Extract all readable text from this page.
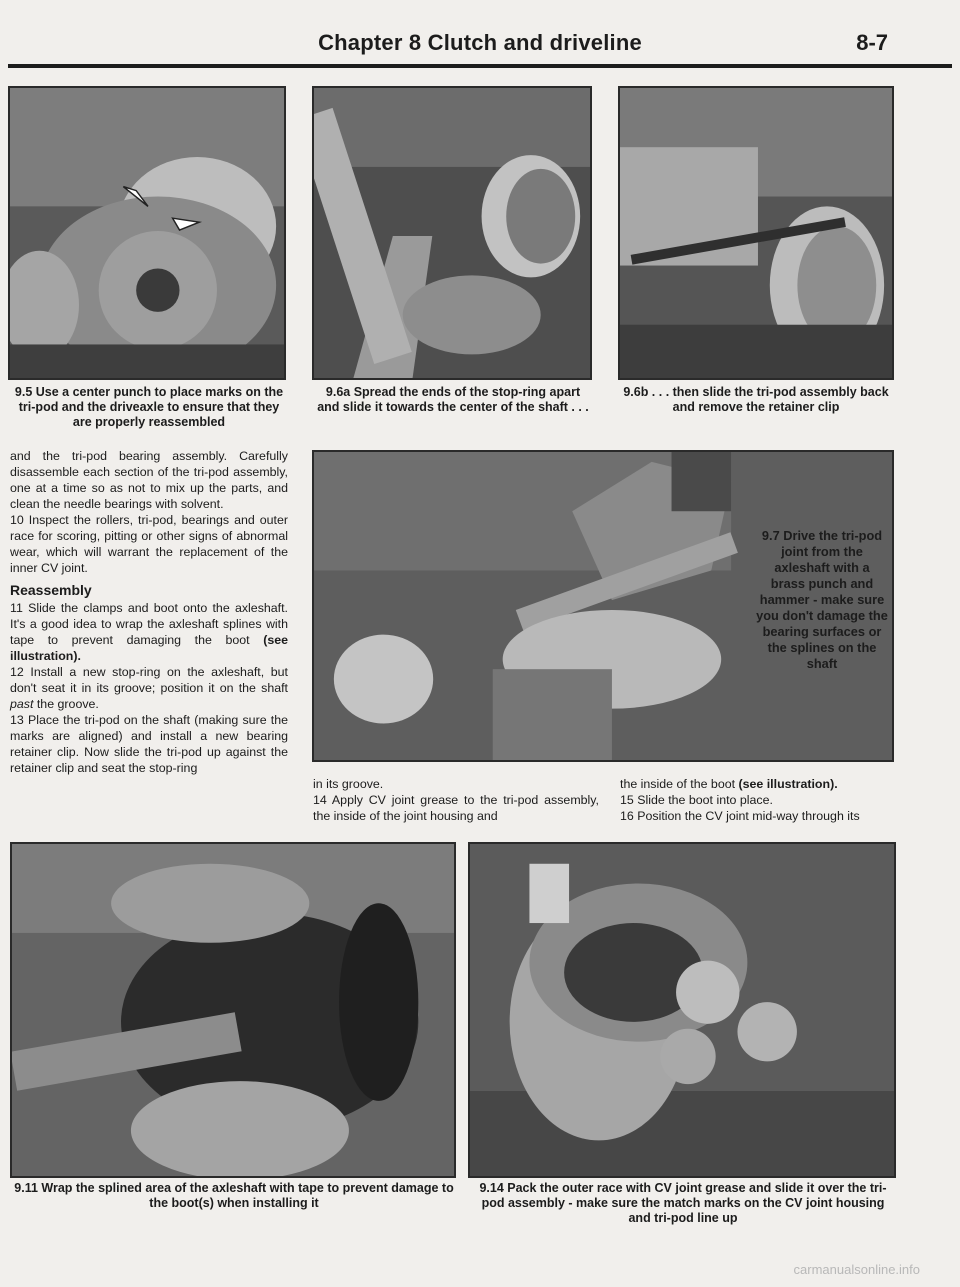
Chapter 8 Clutch and driveline	8-7
9.5 Use a center punch to place marks on the tri-pod and the driveaxle to ensure that they are properly reassembled
9.6a Spread the ends of the stop-ring apart and slide it towards the center of the shaft . . .
9.6b . . . then slide the tri-pod assembly back and remove the retainer clip

and the tri-pod bearing assembly. Carefully disassemble each section of the tri-pod assembly, one at a time so as not to mix up the parts, and clean the needle bearings with solvent.

10 Inspect the rollers, tri-pod, bearings and outer race for scoring, pitting or other signs of abnormal wear, which will warrant the replacement of the inner CV joint.

Reassembly

11 Slide the clamps and boot onto the axleshaft. It's a good idea to wrap the axleshaft splines with tape to prevent damaging the boot (see illustration).

12 Install a new stop-ring on the axleshaft, but don't seat it in its groove; position it on the shaft past the groove.

13 Place the tri-pod on the shaft (making sure the marks are aligned) and install a new bearing retainer clip. Now slide the tri-pod up against the retainer clip and seat the stop-ring

9.7 Drive the tri-pod joint from the axleshaft with a brass punch and hammer - make sure you don't damage the bearing surfaces or the splines on the shaft

in its groove.

14 Apply CV joint grease to the tri-pod assembly, the inside of the joint housing and

the inside of the boot (see illustration).

15 Slide the boot into place.

16 Position the CV joint mid-way through its

9.11 Wrap the splined area of the axleshaft with tape to prevent damage to the boot(s) when installing it
9.14 Pack the outer race with CV joint grease and slide it over the tri-pod assembly - make sure the match marks on the CV joint housing and tri-pod line up
carmanualsonline.info
